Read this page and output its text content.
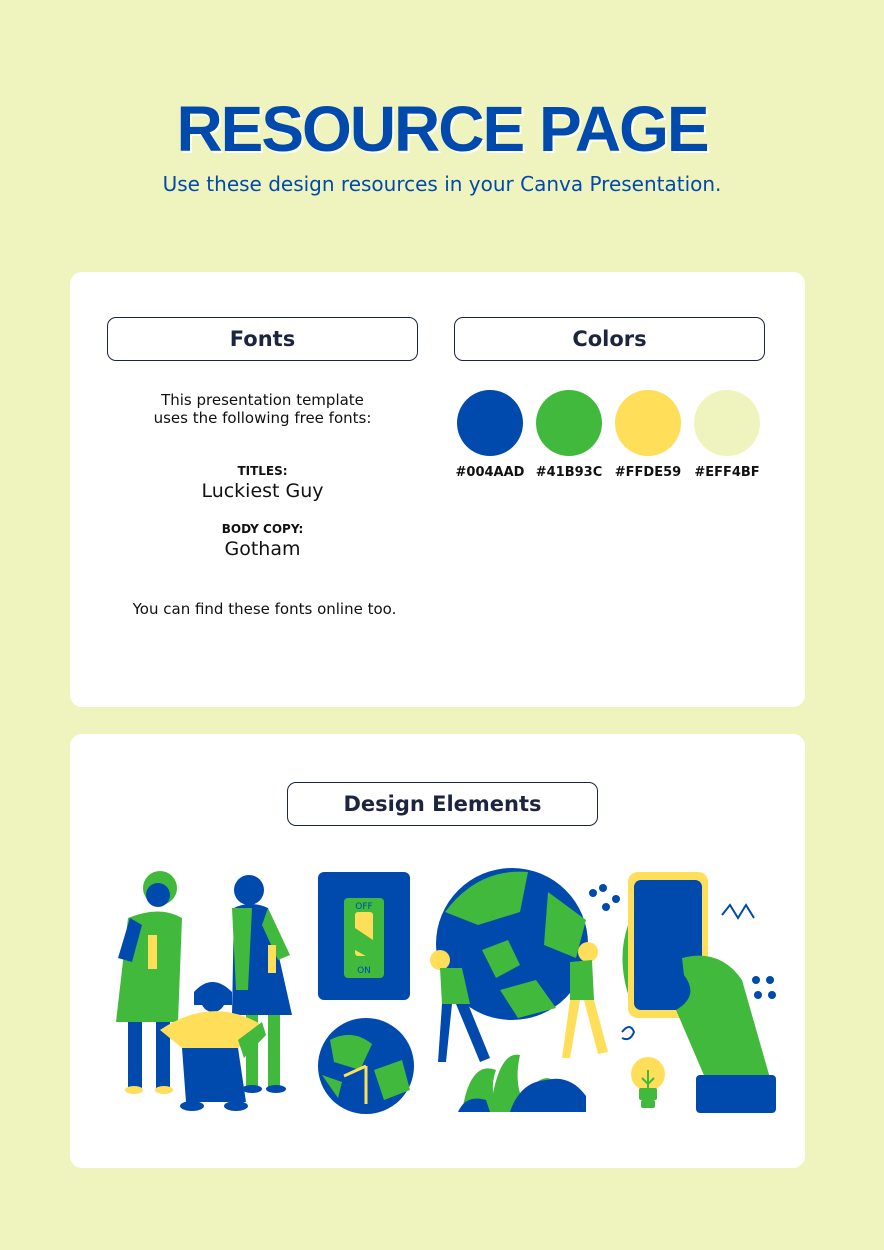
RESOURCE PAGE

Use these design resources in your Canva Presentation.

Fonts
This presentation template
uses the following free fonts:
TITLES:
Luckiest Guy
BODY COPY:
Gotham
You can find these fonts online too.
Colors
#004AAD #41B93C #FFDE59	#EFF4BF
Design Elements
OFF
ON
